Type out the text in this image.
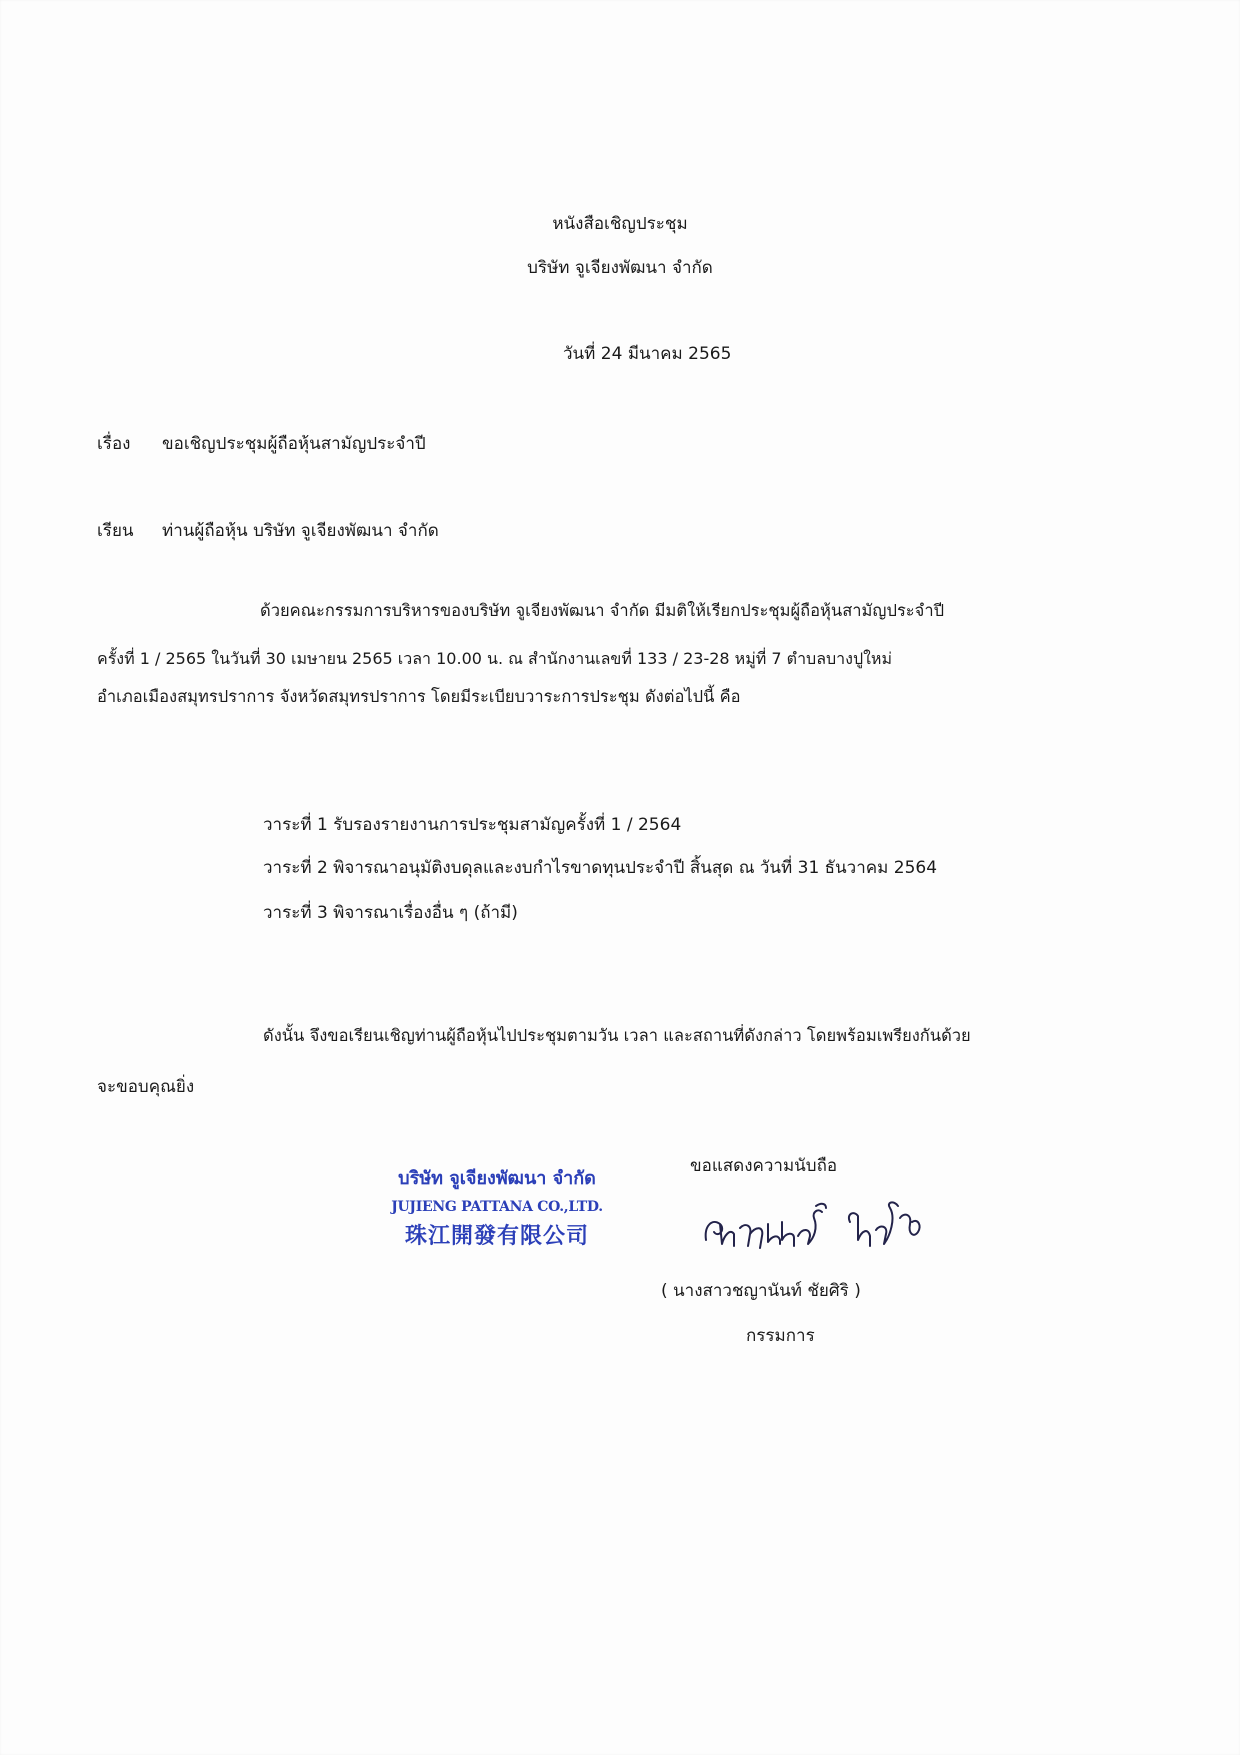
หนังสือเชิญประชุม

บริษัท จูเจียงพัฒนา จำกัด

วันที่ 24 มีนาคม 2565

เรื่อง ขอเชิญประชุมผู้ถือหุ้นสามัญประจำปี

เรียน ท่านผู้ถือหุ้น บริษัท จูเจียงพัฒนา จำกัด

ด้วยคณะกรรมการบริหารของบริษัท จูเจียงพัฒนา จำกัด มีมติให้เรียกประชุมผู้ถือหุ้นสามัญประจำปี

ครั้งที่ 1 / 2565 ในวันที่ 30 เมษายน 2565 เวลา 10.00 น. ณ สำนักงานเลขที่ 133 / 23-28 หมู่ที่ 7 ตำบลบางปูใหม่

อำเภอเมืองสมุทรปราการ จังหวัดสมุทรปราการ โดยมีระเบียบวาระการประชุม ดังต่อไปนี้ คือ

วาระที่ 1 รับรองรายงานการประชุมสามัญครั้งที่ 1 / 2564

วาระที่ 2 พิจารณาอนุมัติงบดุลและงบกำไรขาดทุนประจำปี สิ้นสุด ณ วันที่ 31 ธันวาคม 2564

วาระที่ 3 พิจารณาเรื่องอื่น ๆ (ถ้ามี)

ดังนั้น จึงขอเรียนเชิญท่านผู้ถือหุ้นไปประชุมตามวัน เวลา และสถานที่ดังกล่าว โดยพร้อมเพรียงกันด้วย

จะขอบคุณยิ่ง

บริษัท จูเจียงพัฒนา จำกัด
JUJIENG PATTANA CO.,LTD.
珠江開發有限公司

ขอแสดงความนับถือ

( นางสาวชญานันท์ ชัยศิริ )

กรรมการ
